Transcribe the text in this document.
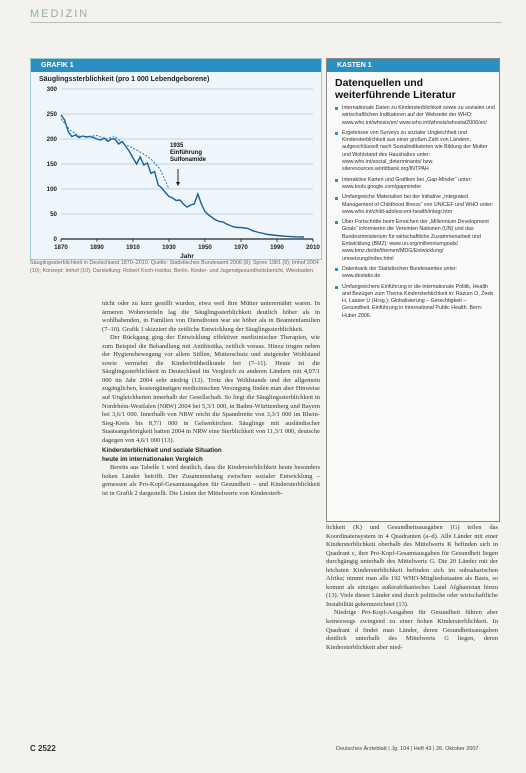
MEDIZIN
GRAFIK 1
Säuglingssterblichkeit (pro 1 000 Lebendgeborene)
0
50
100
150
200
250
300
1870	1890	1910	1930	1950	1970	1990	2010
1935
Einführung
Sulfonamide
Jahr
Säuglingssterblichkeit in Deutschland 1870–2010. Quelle: Statistisches Bundesamt 2006 (8); Spree 1981 (9); Imhof 2004 (10); Konzept: Imhof (10); Darstellung: Robert Koch-Institut, Berlin. Kinder- und Jugendgesundheitsbericht, Wiesbaden.
KASTEN 1
Datenquellen und weiterführende Literatur
Internationale Daten zu Kindersterblichkeit sowie zu sozialen und wirtschaftlichen Indikatoren auf der Webseite der WHO: www.who.int/whosis/en/ www.who.int/whosis/whostat2006/en/
Ergebnisse von Surveys zu sozialer Ungleichheit und Kindersterblichkeit aus einer großen Zahl von Ländern, aufgeschlüsselt nach Sozialindikatoren wie Bildung der Mutter und Wohlstand des Haushaltes unter: www.who.int/social_determinants/ bzw. siteresources.worldbank.org/INTPAH
Interaktive Karten und Grafiken bei „Gap-Minder“ unter: www.tools.google.com/gapminder
Umfangreiche Materialien bei der Initiative „Integrated Management of Childhood Illness“ von UNICEF und WHO unter: www.who.int/child-adolescent-health/integr.htm
Über Fortschritte beim Erreichen der „Millennium Development Goals“ informieren die Vereinten Nationen (UN) und das Bundesministerium für wirtschaftliche Zusammenarbeit und Entwicklung (BMZ): www.un.org/millenniumgoals/ www.bmz.de/de/themen/MDG/Entwicklung/ umsetzung/index.html
Datenbank der Statistischen Bundesamtes unter: www.destatis.de
Umfangreichere Einführung in die internationale Politik, Health and Bezügen zum Thema Kindersterblichkeit in: Razum O, Zeeb H, Laaser U (Hrsg.): Globalisierung – Gerechtigkeit – Gesundheit. Einführung in International Public Health. Bern: Huber 2006.

nicht oder zu kurz gestillt wurden, etwa weil ihre Mütter unterernährt waren. In ärmeren Wohnvierteln lag die Säuglingssterblichkeit deutlich höher als in wohlhabenden, in Familien von Dienstboten war sie höher als in Beamtenfamilien (7–10). Grafik 1 skizziert die zeitliche Entwicklung der Säuglingssterblichkeit.

Der Rückgang ging der Entwicklung effektiver medizinischer Therapien, wie zum Beispiel die Behandlung mit Antibiotika, zeitlich voraus. Hinzu trugen neben der Hygienebewegung vor allem Stillen, Mutterschutz und steigender Wohlstand sowie vermehrt die Kinderfrühheilkunde bei (7–11). Heute ist die Säuglingssterblichkeit in Deutschland im Vergleich zu anderen Ländern mit 4,07/1 000 im Jahr 2004 sehr niedrig (12). Trotz des Wohlstands und der allgemein zugänglichen, kostengünstigen medizinischen Versorgung finden man aber Hinweise auf Ungleichheiten innerhalb der Gesellschaft. So liegt die Säuglingssterblichkeit in Nordrhein-Westfalen (NRW) 2004 bei 5,3/1 000, in Baden-Württemberg und Bayern bei 3,6/1 000. Innerhalb von NRW reicht die Spannbreite von 3,3/1 000 im Rhein-Sieg-Kreis bis 8,7/1 000 in Gelsenkirchen. Säuglinge mit ausländischer Staatsangehörigkeit hatten 2004 in NRW eine Sterblichkeit von 11,3/1 000, deutsche dagegen von 4,6/1 000 (13).

Kindersterblichkeit und soziale Situation
heute im internationalen Vergleich

Bereits aus Tabelle 1 wird deutlich, dass die Kindersterblichkeit heute besonders hohen Länder betrifft. Der Zusammenhang zwischen sozialer Entwicklung – gemessen als Pro-Kopf-Gesamtausgaben für Gesundheit – und Kindersterblichkeit ist in Grafik 2 dargestellt. Die Linien der Mittelwerte von Kindersterb-

lichkeit (K) und Gesundheitsausgaben (G) teilen das Koordinatensystem in 4 Quadranten (a–d). Alle Länder mit einer Kindersterblichkeit oberhalb des Mittelwerts K befinden sich in Quadrant c, ihre Pro-Kopf-Gesamtausgaben für Gesundheit liegen durchgängig unterhalb des Mittelwerts G. Die 20 Länder mit der höchsten Kindersterblichkeit befinden sich im subsaharischen Afrika; nimmt man alle 192 WHO-Mitgliedsstaaten als Basis, so kommt als einziges außerafrikanisches Land Afghanistan hinzu (13). Viele dieser Länder sind durch politische oder wirtschaftliche Instabilität gekennzeichnet (13).

Niedrige Pro-Kopf-Ausgaben für Gesundheit führen aber keineswegs zwingend zu einer hohen Kindersterblichkeit. In Quadrant d findet man Länder, deren Gesundheitsausgaben deutlich unterhalb des Mittelwerts G liegen, deren Kindersterblichkeit aber nied-

C 2522	Deutsches Ärzteblatt | Jg. 104 | Heft 43 | 26. Oktober 2007
